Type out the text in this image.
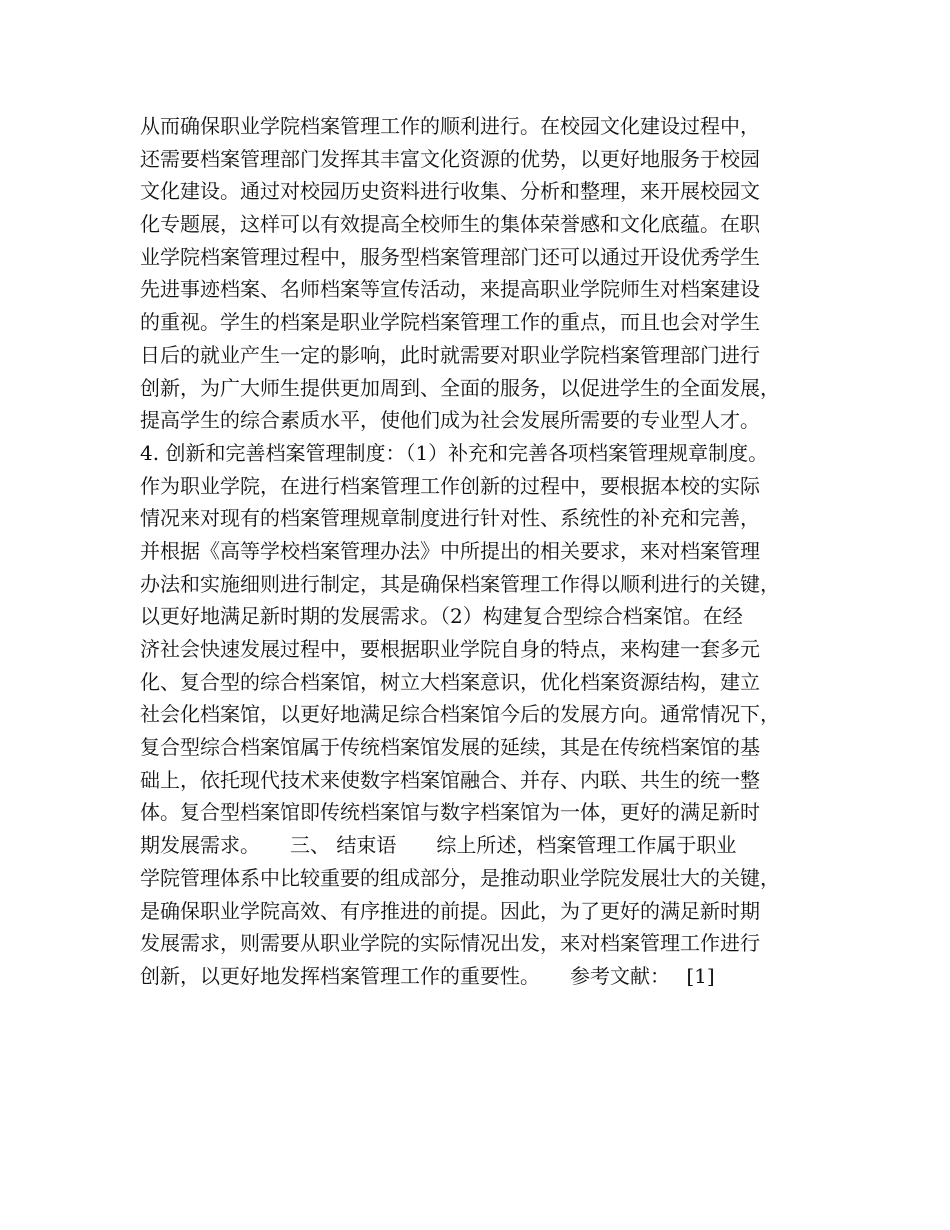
从而确保职业学院档案管理工作的顺利进行。在校园文化建设过程中，
还需要档案管理部门发挥其丰富文化资源的优势，以更好地服务于校园
文化建设。通过对校园历史资料进行收集、分析和整理，来开展校园文
化专题展，这样可以有效提高全校师生的集体荣誉感和文化底蕴。在职
业学院档案管理过程中，服务型档案管理部门还可以通过开设优秀学生
先进事迹档案、名师档案等宣传活动，来提高职业学院师生对档案建设
的重视。学生的档案是职业学院档案管理工作的重点，而且也会对学生
日后的就业产生一定的影响，此时就需要对职业学院档案管理部门进行
创新，为广大师生提供更加周到、全面的服务，以促进学生的全面发展，
提高学生的综合素质水平，使他们成为社会发展所需要的专业型人才。
4. 创新和完善档案管理制度：（1）补充和完善各项档案管理规章制度。
作为职业学院，在进行档案管理工作创新的过程中，要根据本校的实际
情况来对现有的档案管理规章制度进行针对性、系统性的补充和完善，
并根据《高等学校档案管理办法》中所提出的相关要求，来对档案管理
办法和实施细则进行制定，其是确保档案管理工作得以顺利进行的关键，
以更好地满足新时期的发展需求。（2）构建复合型综合档案馆。在经
济社会快速发展过程中，要根据职业学院自身的特点，来构建一套多元
化、复合型的综合档案馆，树立大档案意识，优化档案资源结构，建立
社会化档案馆，以更好地满足综合档案馆今后的发展方向。通常情况下，
复合型综合档案馆属于传统档案馆发展的延续，其是在传统档案馆的基
础上，依托现代技术来使数字档案馆融合、并存、内联、共生的统一整
体。复合型档案馆即传统档案馆与数字档案馆为一体，更好的满足新时
期发展需求。　　三、 结束语　　综上所述，档案管理工作属于职业
学院管理体系中比较重要的组成部分，是推动职业学院发展壮大的关键，
是确保职业学院高效、有序推进的前提。因此，为了更好的满足新时期
发展需求，则需要从职业学院的实际情况出发，来对档案管理工作进行
创新，以更好地发挥档案管理工作的重要性。　　参考文献：　 [1]
